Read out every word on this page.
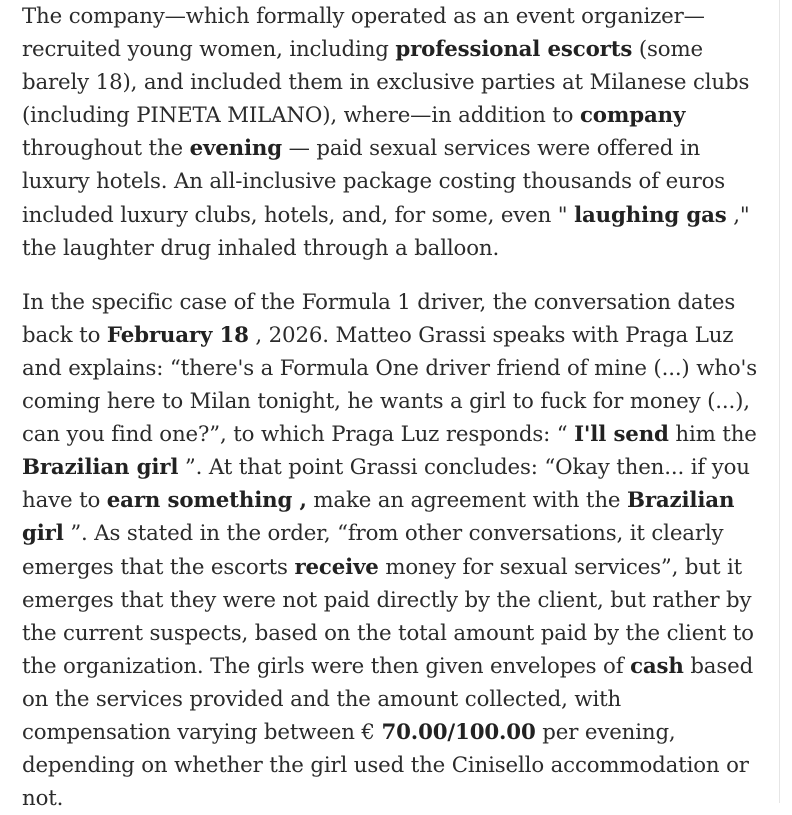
The company—which formally operated as an event organizer—recruited young women, including professional escorts (some barely 18), and included them in exclusive parties at Milanese clubs (including PINETA MILANO), where—in addition to company throughout the evening — paid sexual services were offered in luxury hotels. An all-inclusive package costing thousands of euros included luxury clubs, hotels, and, for some, even " laughing gas ," the laughter drug inhaled through a balloon.

In the specific case of the Formula 1 driver, the conversation dates back to February 18 , 2026. Matteo Grassi speaks with Praga Luz and explains: “there's a Formula One driver friend of mine (...) who's coming here to Milan tonight, he wants a girl to fuck for money (...), can you find one?”, to which Praga Luz responds: “ I'll send him the Brazilian girl ”. At that point Grassi concludes: “Okay then... if you have to earn something , make an agreement with the Brazilian girl ”. As stated in the order, “from other conversations, it clearly emerges that the escorts receive money for sexual services”, but it emerges that they were not paid directly by the client, but rather by the current suspects, based on the total amount paid by the client to the organization. The girls were then given envelopes of cash based on the services provided and the amount collected, with compensation varying between € 70.00/100.00 per evening, depending on whether the girl used the Cinisello accommodation or not.
